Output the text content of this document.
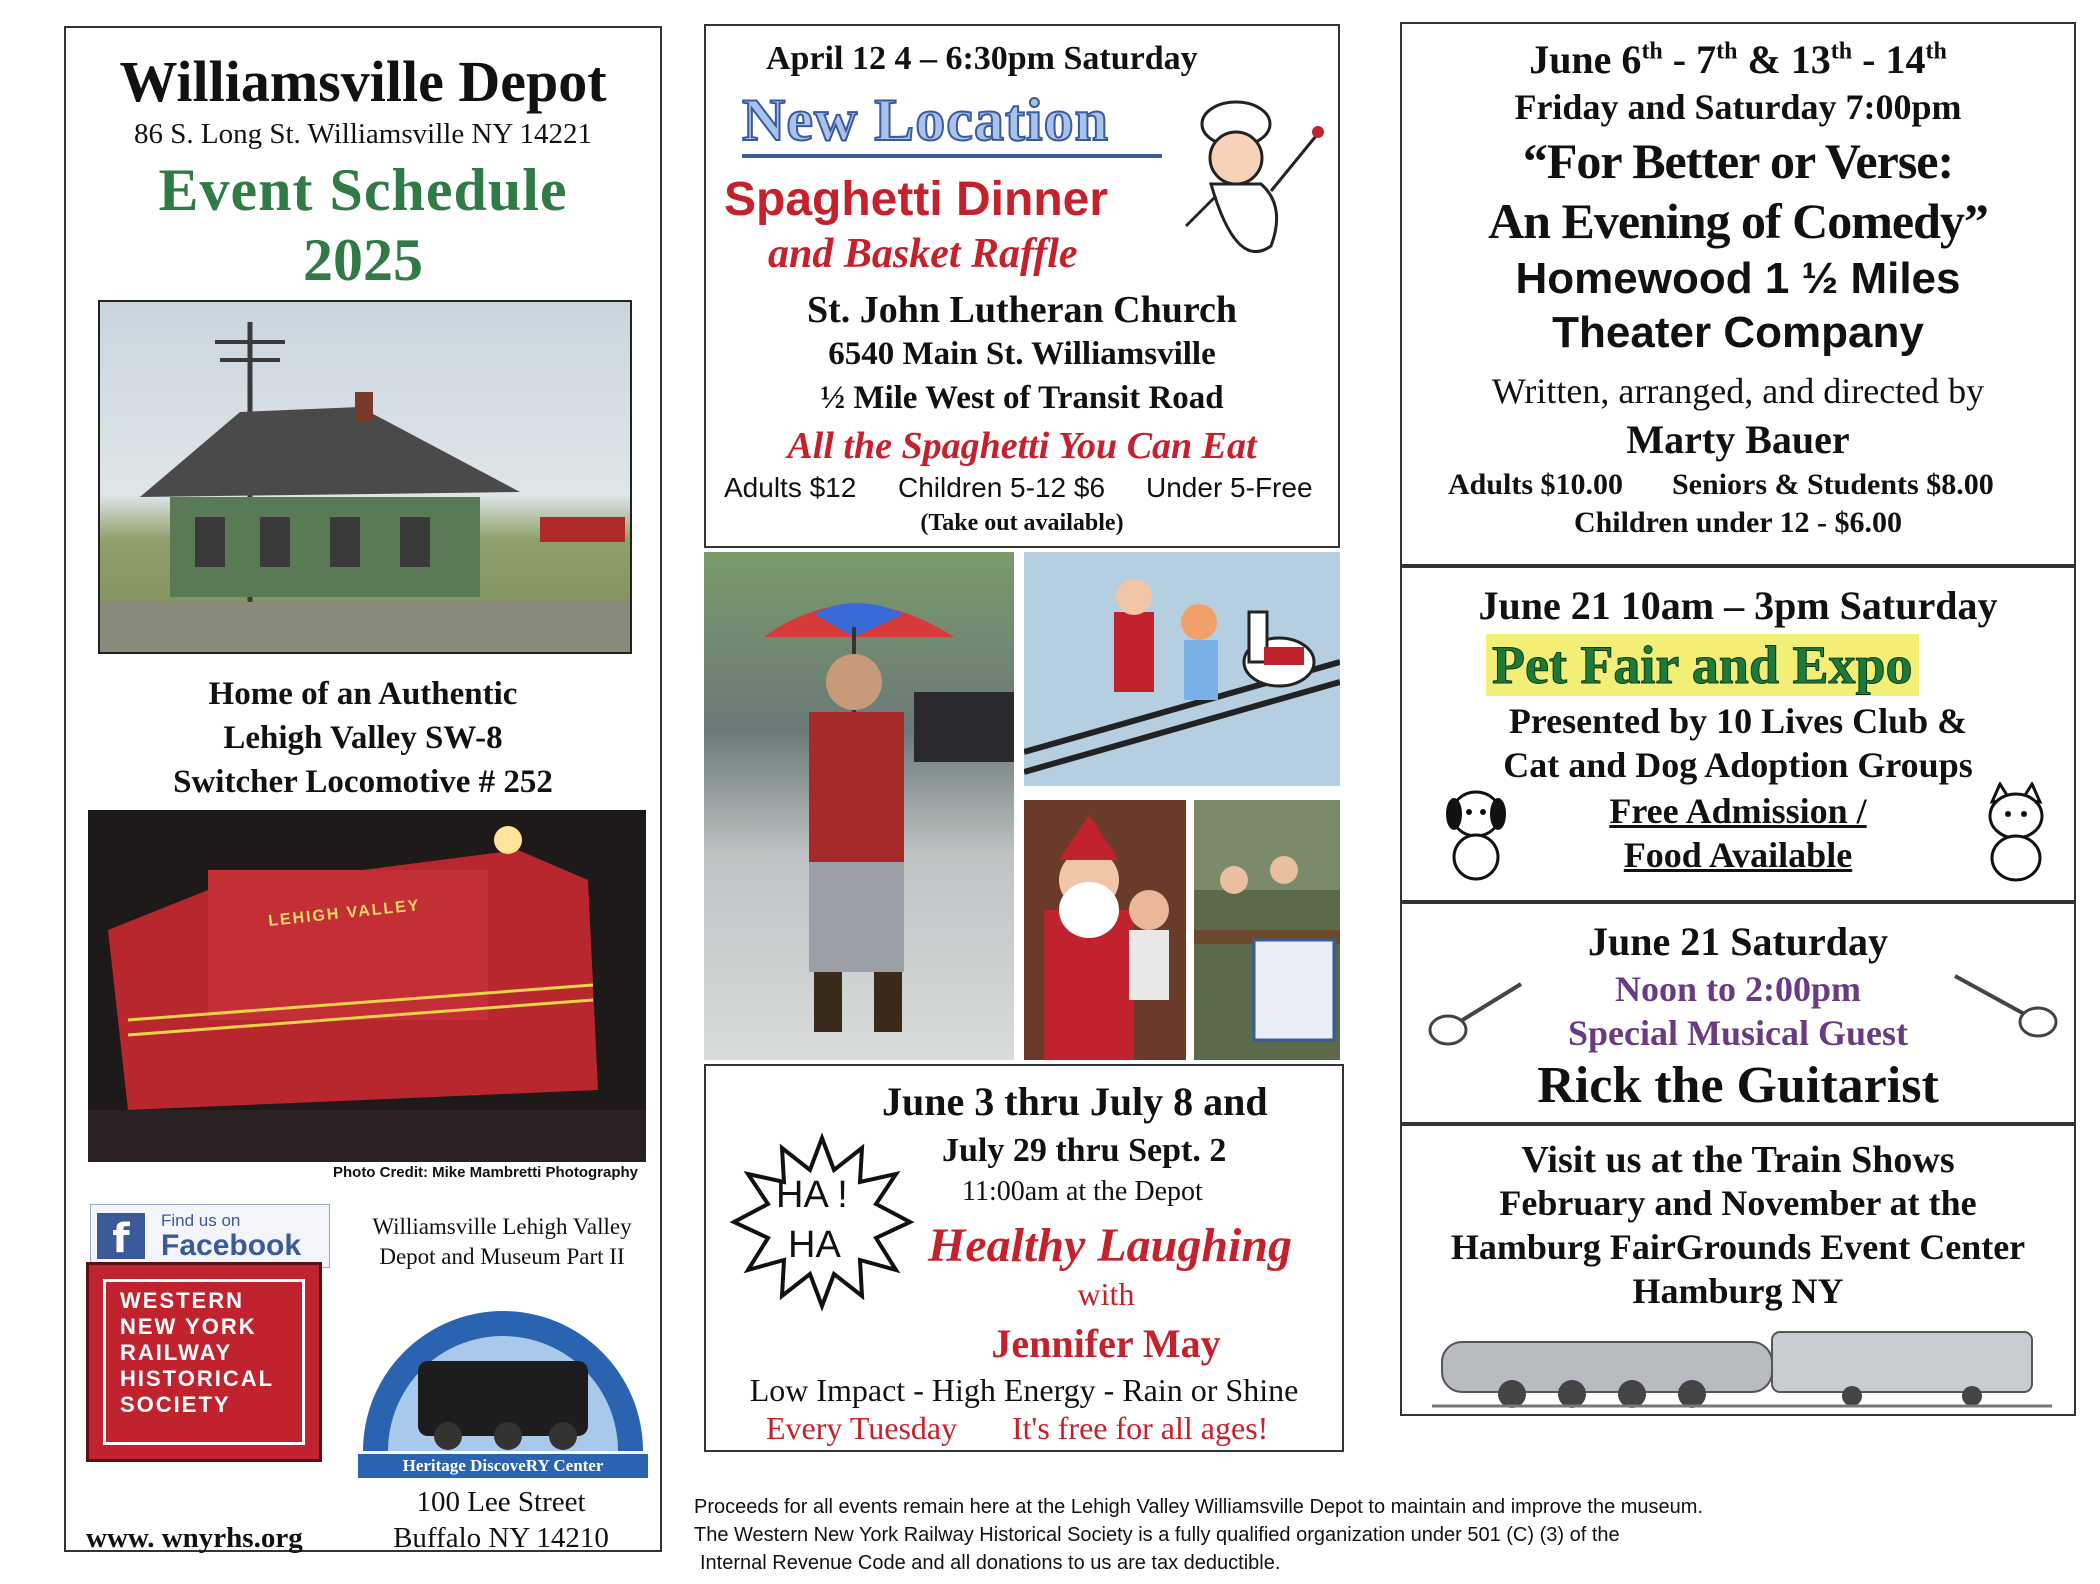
Williamsville Depot
86 S. Long St. Williamsville NY 14221
Event Schedule
2025
Home of an Authentic
Lehigh Valley SW-8
Switcher Locomotive # 252
LEHIGH VALLEY
Photo Credit: Mike Mambretti Photography
f	Find us on
Facebook
Williamsville Lehigh Valley
Depot and Museum Part II
WESTERN
NEW YORK
RAILWAY
HISTORICAL
SOCIETY
Heritage DiscoveRY Center
100 Lee Street
Buffalo NY 14210
www. wnyrhs.org
April 12 4 – 6:30pm Saturday
New Location
Spaghetti Dinner
and Basket Raffle
St. John Lutheran Church
6540 Main St. Williamsville
½ Mile West of Transit Road
All the Spaghetti You Can Eat
Adults $12 Children 5-12 $6 Under 5-Free
(Take out available)
June 3 thru July 8 and
July 29 thru Sept. 2
11:00am at the Depot
HA !
HA Healthy Laughing
with
Jennifer May
Low Impact - High Energy - Rain or Shine
Every Tuesday It's free for all ages!
Proceeds for all events remain here at the Lehigh Valley Williamsville Depot to maintain and improve the museum.
The Western New York Railway Historical Society is a fully qualified organization under 501 (C) (3) of the
Internal Revenue Code and all donations to us are tax deductible.
June 6th - 7th & 13th - 14th
Friday and Saturday 7:00pm
“For Better or Verse:
An Evening of Comedy”
Homewood 1 ½ Miles
Theater Company
Written, arranged, and directed by
Marty Bauer
Adults $10.00 Seniors & Students $8.00
Children under 12 - $6.00
June 21 10am – 3pm Saturday
Pet Fair and Expo
Presented by 10 Lives Club &
Cat and Dog Adoption Groups
Free Admission /
Food Available
June 21 Saturday
Noon to 2:00pm
Special Musical Guest
Rick the Guitarist
Visit us at the Train Shows
February and November at the
Hamburg FairGrounds Event Center
Hamburg NY
